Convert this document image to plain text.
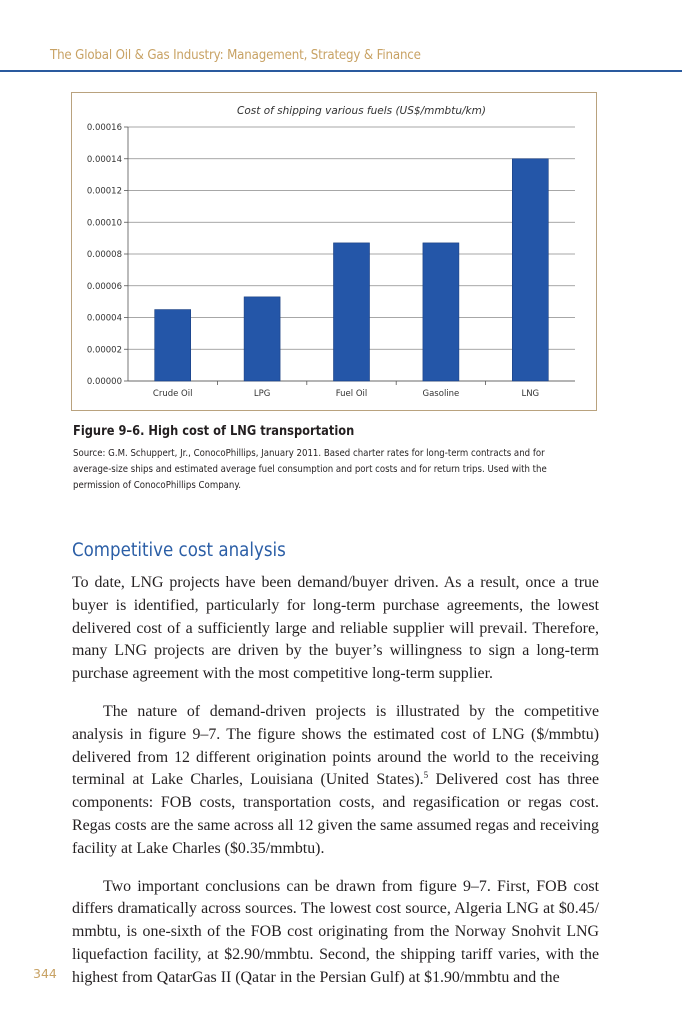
The Global Oil & Gas Industry: Management, Strategy & Finance
Cost of shipping various fuels (US$/mmbtu/km)
0.00000
0.00002
0.00004
0.00006
0.00008
0.00010
0.00012
0.00014
0.00016
Crude Oil	LPG	Fuel Oil	Gasoline	LNG
Figure 9–6. High cost of LNG transportation
Source: G.M. Schuppert, Jr., ConocoPhillips, January 2011. Based charter rates for long-term contracts and for average-size ships and estimated average fuel consumption and port costs and for return trips. Used with the permission of ConocoPhillips Company.
Competitive cost analysis

To date, LNG projects have been demand/buyer driven. As a result, once a true buyer is identified, particularly for long-term purchase agreements, the lowest delivered cost of a sufficiently large and reliable supplier will prevail. Therefore, many LNG projects are driven by the buyer’s willingness to sign a long-term purchase agreement with the most competitive long-term supplier.

The nature of demand-driven projects is illustrated by the competitive analysis in figure 9–7. The figure shows the estimated cost of LNG ($/mmbtu) delivered from 12 different origination points around the world to the receiving terminal at Lake Charles, Louisiana (United States).$^5$ Delivered cost has three components: FOB costs, transportation costs, and regasification or regas cost. Regas costs are the same across all 12 given the same assumed regas and receiving facility at Lake Charles ($0.35/mmbtu).

Two important conclusions can be drawn from figure 9–7. First, FOB cost differs dramatically across sources. The lowest cost source, Algeria LNG at $0.45/ mmbtu, is one-sixth of the FOB cost originating from the Norway Snohvit LNG liquefaction facility, at $2.90/mmbtu. Second, the shipping tariff varies, with the highest from QatarGas II (Qatar in the Persian Gulf) at $1.90/mmbtu and the

344
